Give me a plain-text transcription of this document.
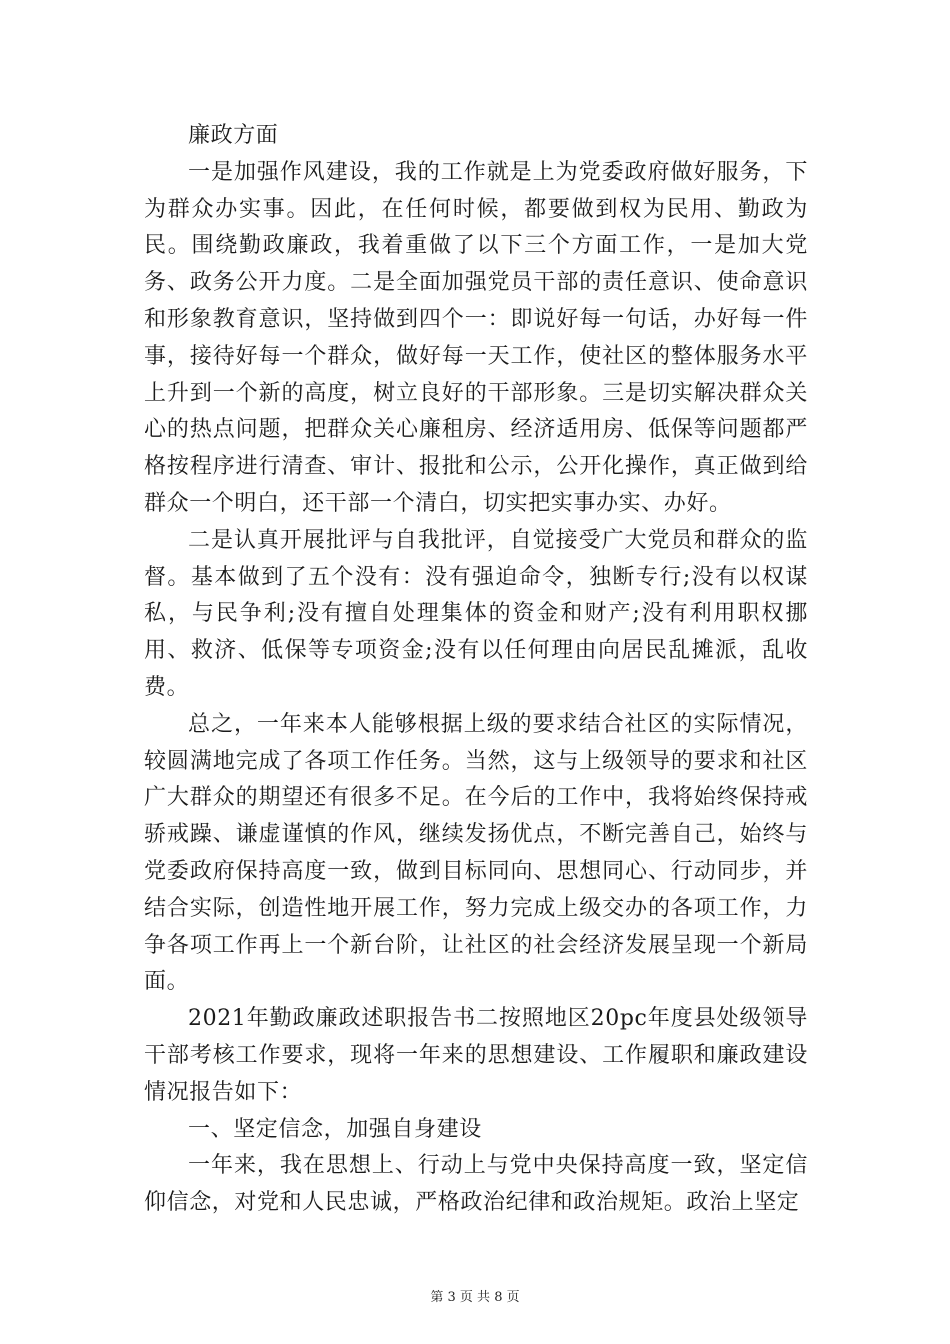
廉政方面

一是加强作风建设，我的工作就是上为党委政府做好服务，下为群众办实事。因此，在任何时候，都要做到权为民用、勤政为民。围绕勤政廉政，我着重做了以下三个方面工作，一是加大党务、政务公开力度。二是全面加强党员干部的责任意识、使命意识和形象教育意识，坚持做到四个一：即说好每一句话，办好每一件事，接待好每一个群众，做好每一天工作，使社区的整体服务水平上升到一个新的高度，树立良好的干部形象。三是切实解决群众关心的热点问题，把群众关心廉租房、经济适用房、低保等问题都严格按程序进行清查、审计、报批和公示，公开化操作，真正做到给群众一个明白，还干部一个清白，切实把实事办实、办好。

二是认真开展批评与自我批评，自觉接受广大党员和群众的监督。基本做到了五个没有：没有强迫命令，独断专行;没有以权谋私，与民争利;没有擅自处理集体的资金和财产;没有利用职权挪用、救济、低保等专项资金;没有以任何理由向居民乱摊派，乱收费。

总之，一年来本人能够根据上级的要求结合社区的实际情况，较圆满地完成了各项工作任务。当然，这与上级领导的要求和社区广大群众的期望还有很多不足。在今后的工作中，我将始终保持戒骄戒躁、谦虚谨慎的作风，继续发扬优点，不断完善自己，始终与党委政府保持高度一致，做到目标同向、思想同心、行动同步，并结合实际，创造性地开展工作，努力完成上级交办的各项工作，力争各项工作再上一个新台阶，让社区的社会经济发展呈现一个新局面。

2021年勤政廉政述职报告书二按照地区20pc年度县处级领导干部考核工作要求，现将一年来的思想建设、工作履职和廉政建设情况报告如下：

一、坚定信念，加强自身建设

一年来，我在思想上、行动上与党中央保持高度一致，坚定信仰信念，对党和人民忠诚，严格政治纪律和政治规矩。政治上坚定

第 3 页 共 8 页
